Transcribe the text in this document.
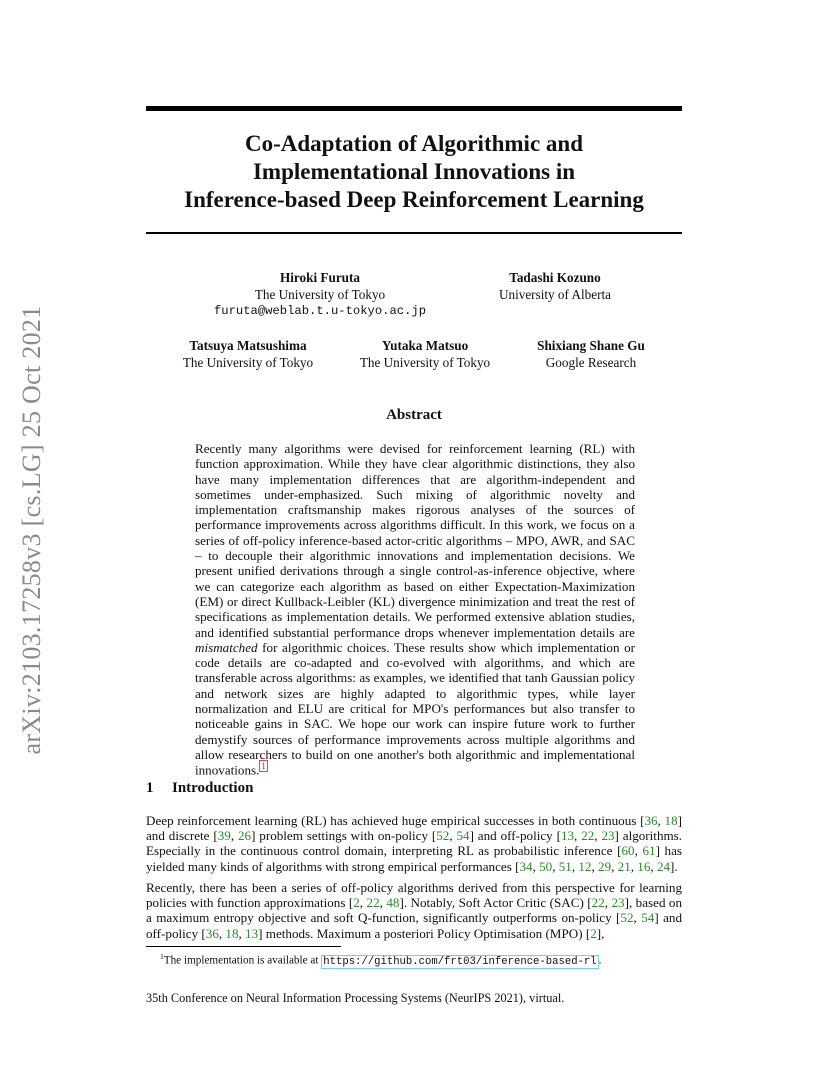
arXiv:2103.17258v3 [cs.LG] 25 Oct 2021
Co-Adaptation of Algorithmic and
Implementational Innovations in
Inference-based Deep Reinforcement Learning
Hiroki Furuta
The University of Tokyo
furuta@weblab.t.u-tokyo.ac.jp
Tadashi Kozuno
University of Alberta
Tatsuya Matsushima
The University of Tokyo
Yutaka Matsuo
The University of Tokyo
Shixiang Shane Gu
Google Research
Abstract

Recently many algorithms were devised for reinforcement learning (RL) with function approximation. While they have clear algorithmic distinctions, they also have many implementation differences that are algorithm-independent and sometimes under-emphasized. Such mixing of algorithmic novelty and implementation craftsmanship makes rigorous analyses of the sources of performance improvements across algorithms difficult. In this work, we focus on a series of off-policy inference-based actor-critic algorithms – MPO, AWR, and SAC – to decouple their algorithmic innovations and implementation decisions. We present unified derivations through a single control-as-inference objective, where we can categorize each algorithm as based on either Expectation-Maximization (EM) or direct Kullback-Leibler (KL) divergence minimization and treat the rest of specifications as implementation details. We performed extensive ablation studies, and identified substantial performance drops whenever implementation details are mismatched for algorithmic choices. These results show which implementation or code details are co-adapted and co-evolved with algorithms, and which are transferable across algorithms: as examples, we identified that tanh Gaussian policy and network sizes are highly adapted to algorithmic types, while layer normalization and ELU are critical for MPO's performances but also transfer to noticeable gains in SAC. We hope our work can inspire future work to further demystify sources of performance improvements across multiple algorithms and allow researchers to build on one another's both algorithmic and implementational innovations. $^1$

1 Introduction

Deep reinforcement learning (RL) has achieved huge empirical successes in both continuous [36, 18] and discrete [39, 26] problem settings with on-policy [52, 54] and off-policy [13, 22, 23] algorithms. Especially in the continuous control domain, interpreting RL as probabilistic inference [60, 61] has yielded many kinds of algorithms with strong empirical performances [34, 50, 51, 12, 29, 21, 16, 24].

Recently, there has been a series of off-policy algorithms derived from this perspective for learning policies with function approximations [2, 22, 48]. Notably, Soft Actor Critic (SAC) [22, 23], based on a maximum entropy objective and soft Q-function, significantly outperforms on-policy [52, 54] and off-policy [36, 18, 13] methods. Maximum a posteriori Policy Optimisation (MPO) [2],

$^1$The implementation is available at https://github.com/frt03/inference-based-rl .
35th Conference on Neural Information Processing Systems (NeurIPS 2021), virtual.
